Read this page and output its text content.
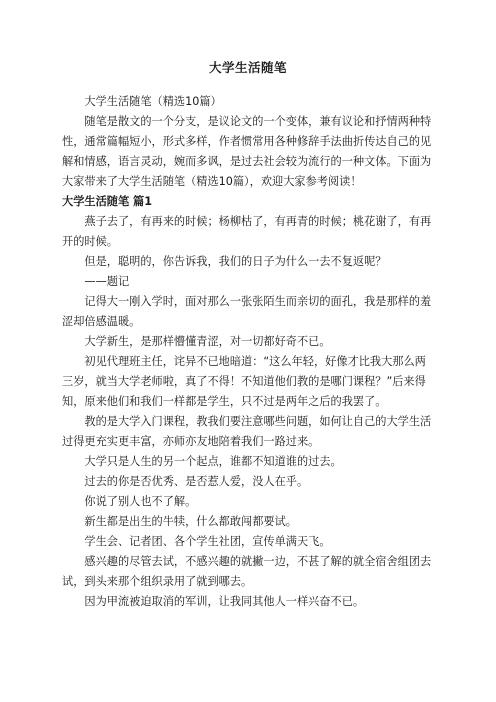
大学生活随笔

大学生活随笔（精选10篇）

随笔是散文的一个分支，是议论文的一个变体，兼有议论和抒情两种特性，通常篇幅短小，形式多样，作者惯常用各种修辞手法曲折传达自己的见解和情感，语言灵动，婉而多讽，是过去社会较为流行的一种文体。下面为大家带来了大学生活随笔（精选10篇），欢迎大家参考阅读！

大学生活随笔 篇1

燕子去了，有再来的时候；杨柳枯了，有再青的时候；桃花谢了，有再开的时候。

但是，聪明的，你告诉我，我们的日子为什么一去不复返呢？

——题记

记得大一刚入学时，面对那么一张张陌生而亲切的面孔，我是那样的羞涩却倍感温暖。

大学新生，是那样懵懂青涩，对一切都好奇不已。

初见代理班主任，诧异不已地暗道：“这么年轻，好像才比我大那么两三岁，就当大学老师啦，真了不得！不知道他们教的是哪门课程？”后来得知，原来他们和我们一样都是学生，只不过是两年之后的我罢了。

教的是大学入门课程，教我们要注意哪些问题，如何让自己的大学生活过得更充实更丰富，亦师亦友地陪着我们一路过来。

大学只是人生的另一个起点，谁都不知道谁的过去。

过去的你是否优秀、是否惹人爱，没人在乎。

你说了别人也不了解。

新生都是出生的牛犊，什么都敢闯都要试。

学生会、记者团、各个学生社团，宣传单满天飞。

感兴趣的尽管去试，不感兴趣的就撇一边，不甚了解的就全宿舍组团去试，到头来那个组织录用了就到哪去。

因为甲流被迫取消的军训，让我同其他人一样兴奋不已。
